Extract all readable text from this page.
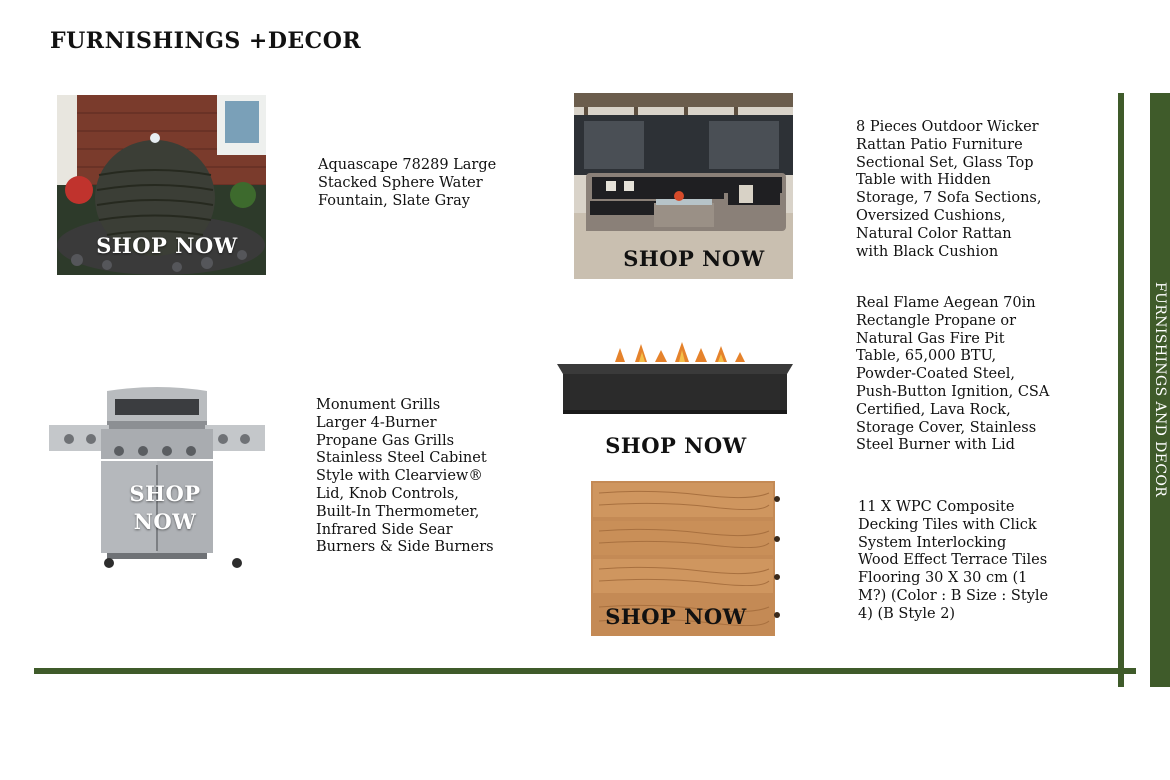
FURNISHINGS +DECOR
SHOP NOW
Aquascape 78289 Large Stacked Sphere Water Fountain, Slate Gray
SHOP NOW
8 Pieces Outdoor Wicker Rattan Patio Furniture Sectional Set, Glass Top Table with Hidden Storage, 7 Sofa Sections, Oversized Cushions, Natural Color Rattan with Black Cushion
SHOP NOW
Real Flame Aegean 70in Rectangle Propane or Natural Gas Fire Pit Table, 65,000 BTU, Powder-Coated Steel, Push-Button Ignition, CSA Certified, Lava Rock, Storage Cover, Stainless Steel Burner with Lid
SHOP NOW
Monument Grills Larger 4-Burner Propane Gas Grills Stainless Steel Cabinet Style with Clearview® Lid, Knob Controls, Built-In Thermometer, Infrared Side Sear Burners & Side Burners
SHOP NOW
11 X WPC Composite Decking Tiles with Click System Interlocking Wood Effect Terrace Tiles Flooring 30 X 30 cm (1 M?) (Color : B Size : Style 4) (B Style 2)
FURNISHINGS AND DECOR
